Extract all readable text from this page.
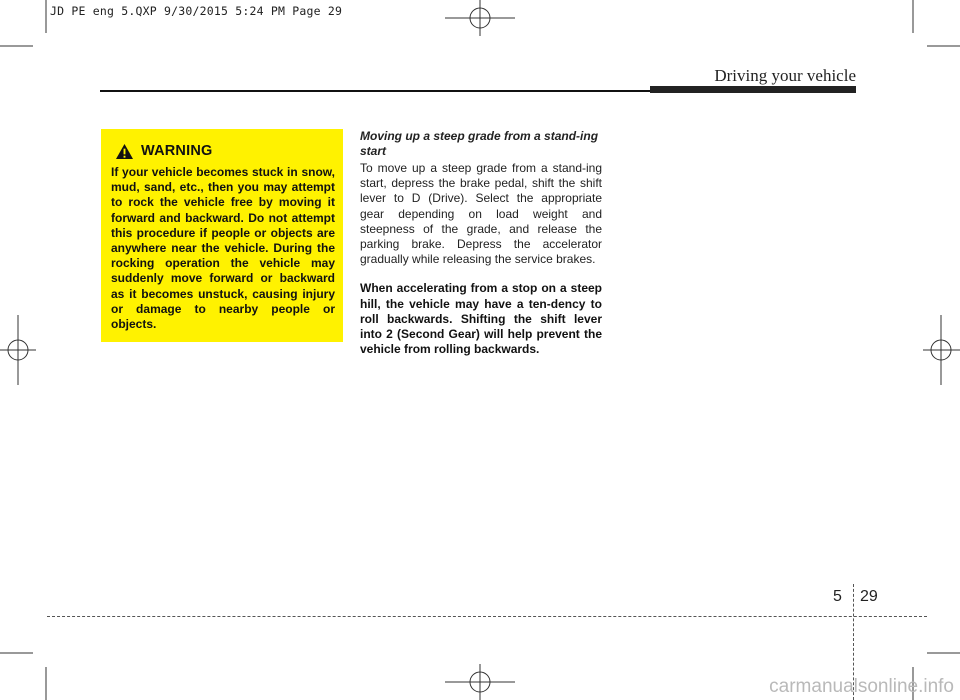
JD PE eng 5.QXP 9/30/2015 5:24 PM Page 29
Driving your vehicle
WARNING

If your vehicle becomes stuck in snow, mud, sand, etc., then you may attempt to rock the vehicle free by moving it forward and backward. Do not attempt this procedure if people or objects are anywhere near the vehicle. During the rocking operation the vehicle may suddenly move forward or backward as it becomes unstuck, causing injury or damage to nearby people or objects.

Moving up a steep grade from a stand-ing start

To move up a steep grade from a stand-ing start, depress the brake pedal, shift the shift lever to D (Drive). Select the appropriate gear depending on load weight and steepness of the grade, and release the parking brake. Depress the accelerator gradually while releasing the service brakes.

When accelerating from a stop on a steep hill, the vehicle may have a ten-dency to roll backwards. Shifting the shift lever into 2 (Second Gear) will help prevent the vehicle from rolling backwards.

5 29
carmanualsonline.info
